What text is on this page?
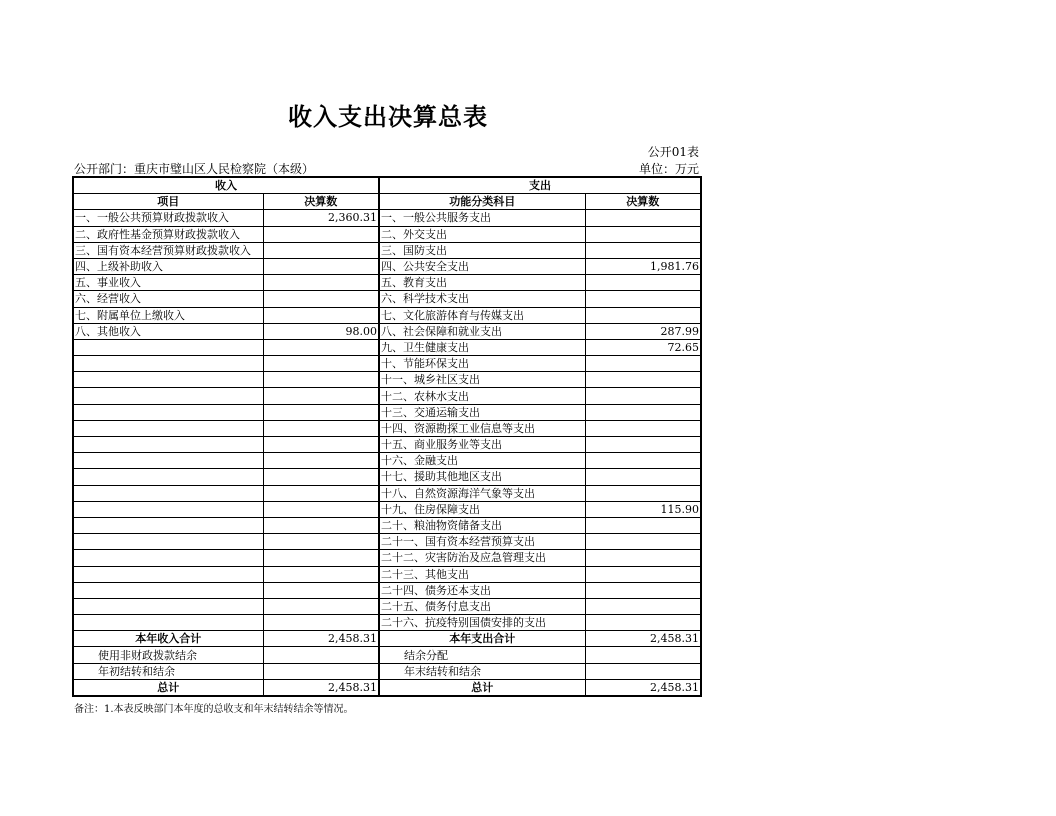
收入支出决算总表
公开01表
公开部门：重庆市璧山区人民检察院（本级）	单位：万元
收入		支出	
项目	决算数	功能分类科目	决算数
一、一般公共预算财政拨款收入	2,360.31	一、一般公共服务支出	
二、政府性基金预算财政拨款收入		二、外交支出	
三、国有资本经营预算财政拨款收入		三、国防支出	
四、上级补助收入		四、公共安全支出	1,981.76
五、事业收入		五、教育支出	
六、经营收入		六、科学技术支出	
七、附属单位上缴收入		七、文化旅游体育与传媒支出	
八、其他收入	98.00	八、社会保障和就业支出	287.99
		九、卫生健康支出	72.65
		十、节能环保支出	
		十一、城乡社区支出	
		十二、农林水支出	
		十三、交通运输支出	
		十四、资源勘探工业信息等支出	
		十五、商业服务业等支出	
		十六、金融支出	
		十七、援助其他地区支出	
		十八、自然资源海洋气象等支出	
		十九、住房保障支出	115.90
		二十、粮油物资储备支出	
		二十一、国有资本经营预算支出	
		二十二、灾害防治及应急管理支出	
		二十三、其他支出	
		二十四、债务还本支出	
		二十五、债务付息支出	
		二十六、抗疫特别国债安排的支出	
本年收入合计	2,458.31	本年支出合计	2,458.31
使用非财政拨款结余		结余分配	
年初结转和结余		年末结转和结余	
总计	2,458.31	总计	2,458.31
备注：1.本表反映部门本年度的总收支和年末结转结余等情况。
